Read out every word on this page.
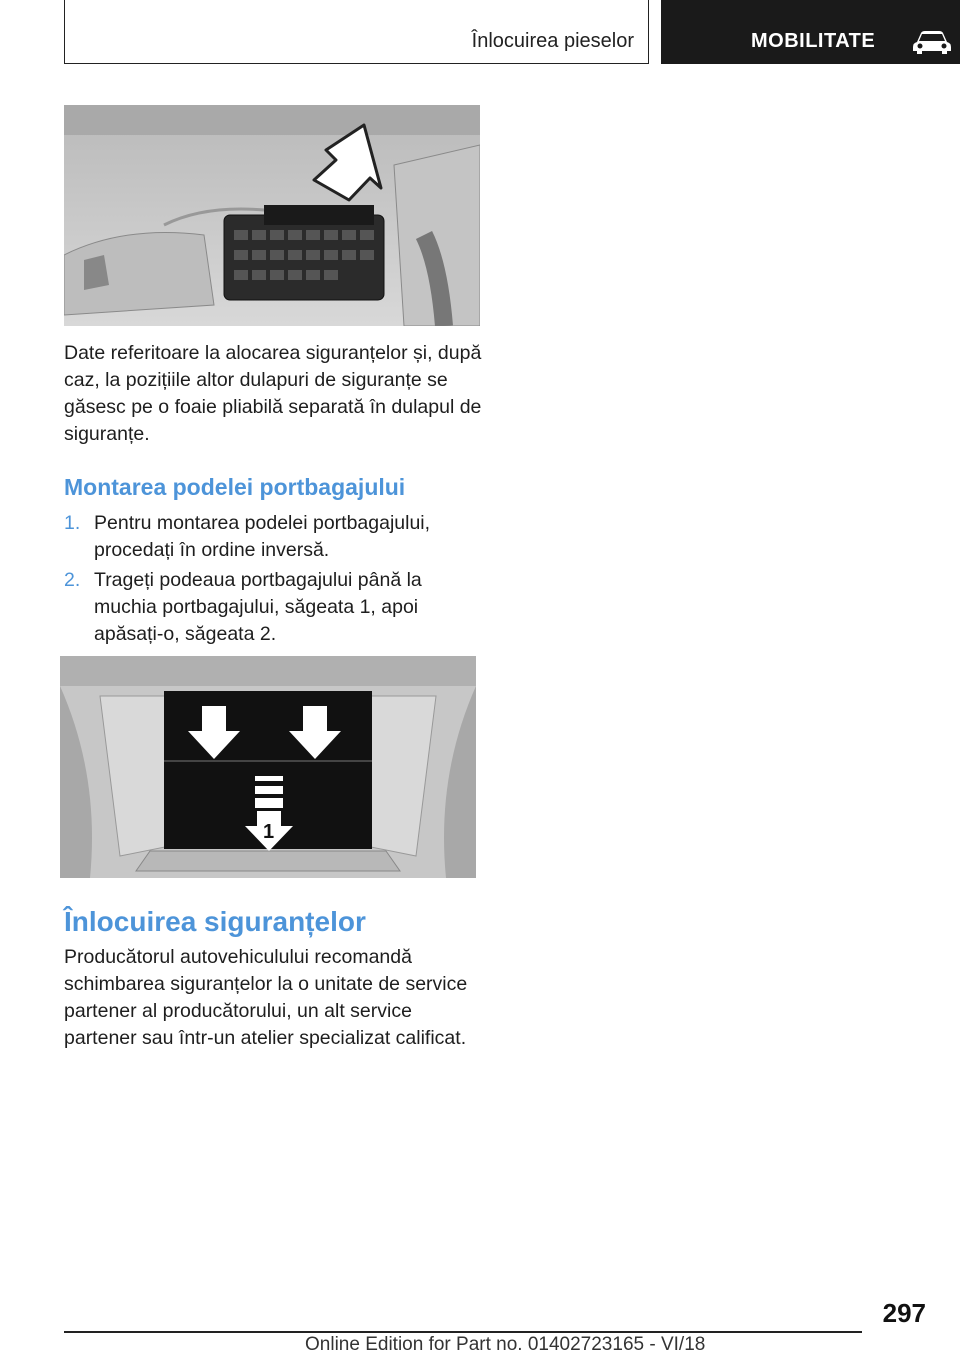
Înlocuirea pieselor	MOBILITATE
Date referitoare la alocarea siguranțelor și, după caz, la pozițiile altor dulapuri de siguranțe se găsesc pe o foaie pliabilă separată în dulapul de siguranțe.
Montarea podelei portbagajului
1. Pentru montarea podelei portbagajului, procedați în ordine inversă.
2. Trageți podeaua portbagajului până la muchia portbagajului, săgeata 1, apoi apăsați-o, săgeata 2.
2	2
1
Înlocuirea siguranțelor
Producătorul autovehiculului recomandă schimbarea siguranțelor la o unitate de service partener al producătorului, un alt service partener sau într-un atelier specializat calificat.
297
Online Edition for Part no. 01402723165 - VI/18
